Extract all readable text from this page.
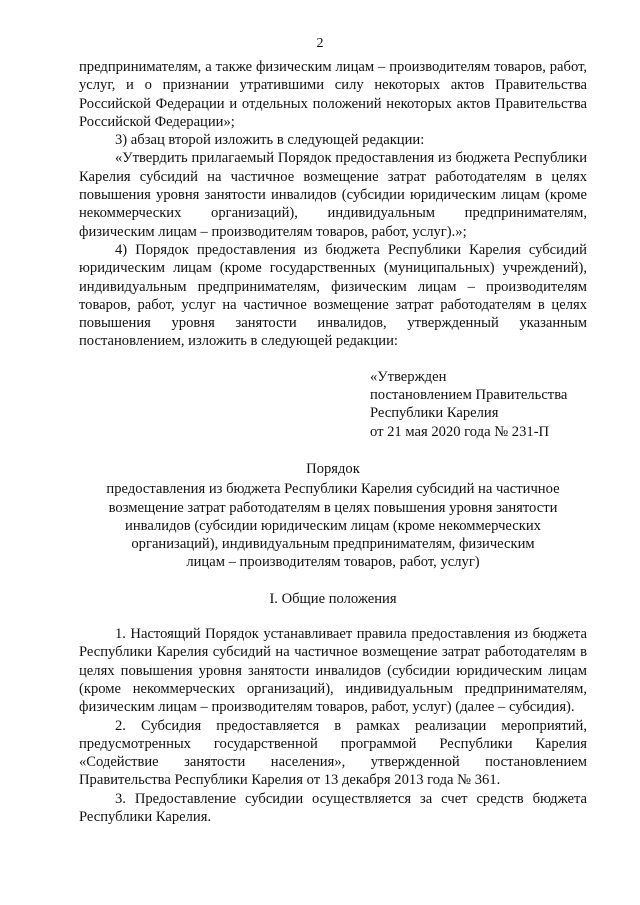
2

предпринимателям, а также физическим лицам – производителям товаров, работ, услуг, и о признании утратившими силу некоторых актов Правительства Российской Федерации и отдельных положений некоторых актов Правительства Российской Федерации»;

3) абзац второй изложить в следующей редакции:

«Утвердить прилагаемый Порядок предоставления из бюджета Республики Карелия субсидий на частичное возмещение затрат работодателям в целях повышения уровня занятости инвалидов (субсидии юридическим лицам (кроме некоммерческих организаций), индивидуальным предпринимателям, физическим лицам – производителям товаров, работ, услуг).»;

4) Порядок предоставления из бюджета Республики Карелия субсидий юридическим лицам (кроме государственных (муниципальных) учреждений), индивидуальным предпринимателям, физическим лицам – производителям товаров, работ, услуг на частичное возмещение затрат работодателям в целях повышения уровня занятости инвалидов, утвержденный указанным постановлением, изложить в следующей редакции:

«Утвержден
постановлением Правительства
Республики Карелия
от 21 мая 2020 года № 231-П
Порядок
предоставления из бюджета Республики Карелия субсидий на частичное
возмещение затрат работодателям в целях повышения уровня занятости
инвалидов (субсидии юридическим лицам (кроме некоммерческих
организаций), индивидуальным предпринимателям, физическим
лицам – производителям товаров, работ, услуг)
I. Общие положения

1. Настоящий Порядок устанавливает правила предоставления из бюджета Республики Карелия субсидий на частичное возмещение затрат работодателям в целях повышения уровня занятости инвалидов (субсидии юридическим лицам (кроме некоммерческих организаций), индивидуальным предпринимателям, физическим лицам – производителям товаров, работ, услуг) (далее – субсидия).

2. Субсидия предоставляется в рамках реализации мероприятий, предусмотренных государственной программой Республики Карелия «Содействие занятости населения», утвержденной постановлением Правительства Республики Карелия от 13 декабря 2013 года № 361.

3. Предоставление субсидии осуществляется за счет средств бюджета Республики Карелия.
